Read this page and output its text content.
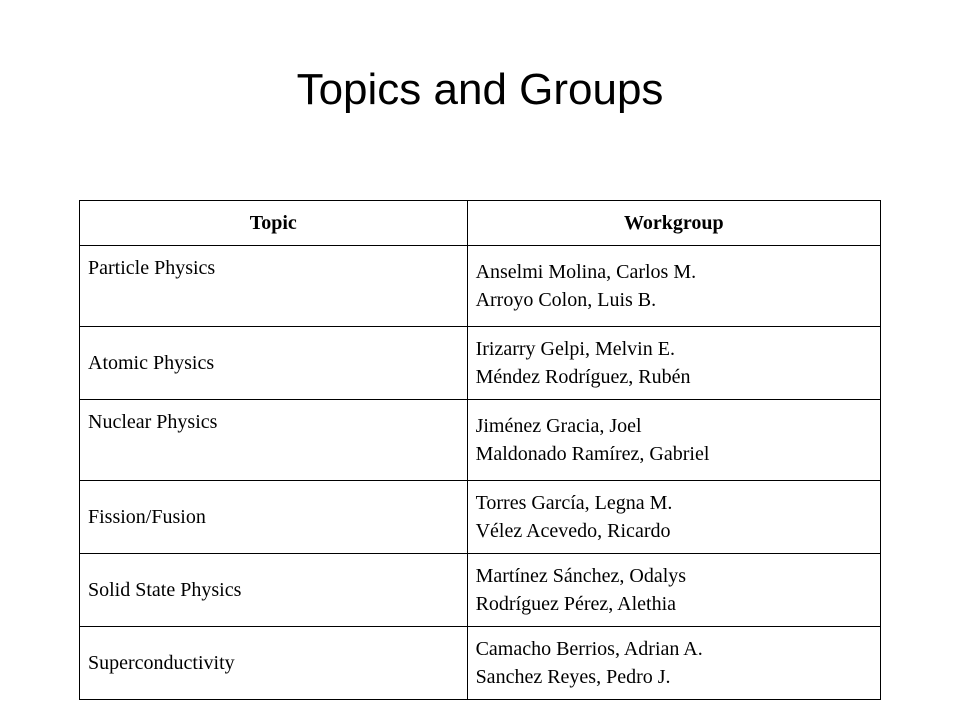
Topics and Groups
Topic	Workgroup
Particle Physics	Anselmi Molina, Carlos M.
Arroyo Colon, Luis B.

Atomic Physics	Irizarry Gelpi, Melvin E.
Méndez Rodríguez, Rubén

Nuclear Physics	Jiménez Gracia, Joel
Maldonado Ramírez, Gabriel

Fission/Fusion	Torres García, Legna M.
Vélez Acevedo, Ricardo

Solid State Physics	Martínez Sánchez, Odalys
Rodríguez Pérez, Alethia

Superconductivity	Camacho Berrios, Adrian A.
Sanchez Reyes, Pedro J.
